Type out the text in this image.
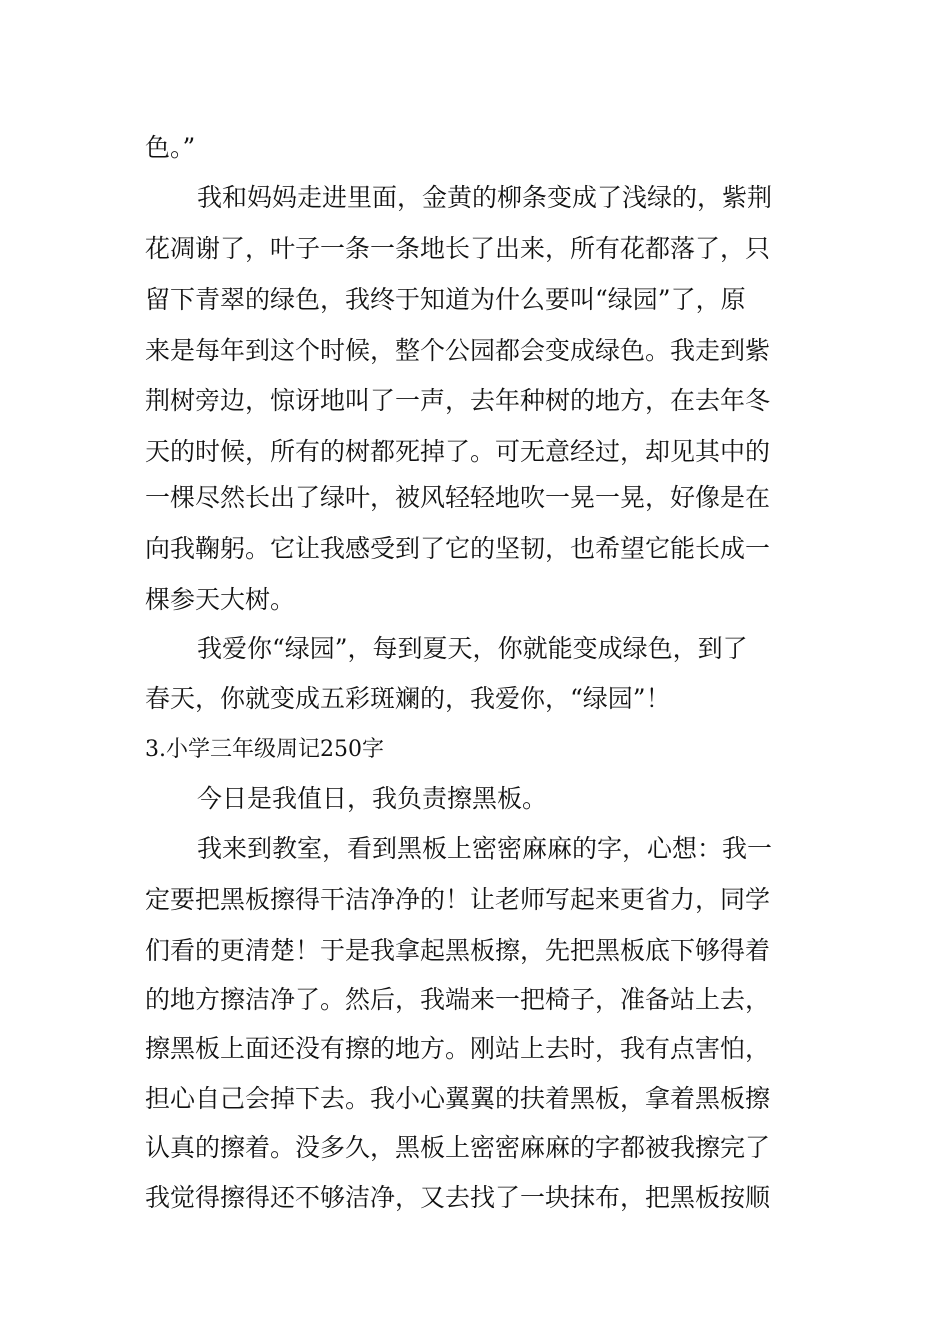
色。”

我和妈妈走进里面，金黄的柳条变成了浅绿的，紫荆

花凋谢了，叶子一条一条地长了出来，所有花都落了，只

留下青翠的绿色，我终于知道为什么要叫“绿园”了，原

来是每年到这个时候，整个公园都会变成绿色。我走到紫

荆树旁边，惊讶地叫了一声，去年种树的地方，在去年冬

天的时候，所有的树都死掉了。可无意经过，却见其中的

一棵尽然长出了绿叶，被风轻轻地吹一晃一晃，好像是在

向我鞠躬。它让我感受到了它的坚韧，也希望它能长成一

棵参天大树。

我爱你“绿园”，每到夏天，你就能变成绿色，到了

春天，你就变成五彩斑斓的，我爱你，“绿园”！

3.小学三年级周记250字

今日是我值日，我负责擦黑板。

我来到教室，看到黑板上密密麻麻的字，心想：我一

定要把黑板擦得干洁净净的！让老师写起来更省力，同学

们看的更清楚！于是我拿起黑板擦，先把黑板底下够得着

的地方擦洁净了。然后，我端来一把椅子，准备站上去，

擦黑板上面还没有擦的地方。刚站上去时，我有点害怕，

担心自己会掉下去。我小心翼翼的扶着黑板，拿着黑板擦

认真的擦着。没多久，黑板上密密麻麻的字都被我擦完了

我觉得擦得还不够洁净，又去找了一块抹布，把黑板按顺
